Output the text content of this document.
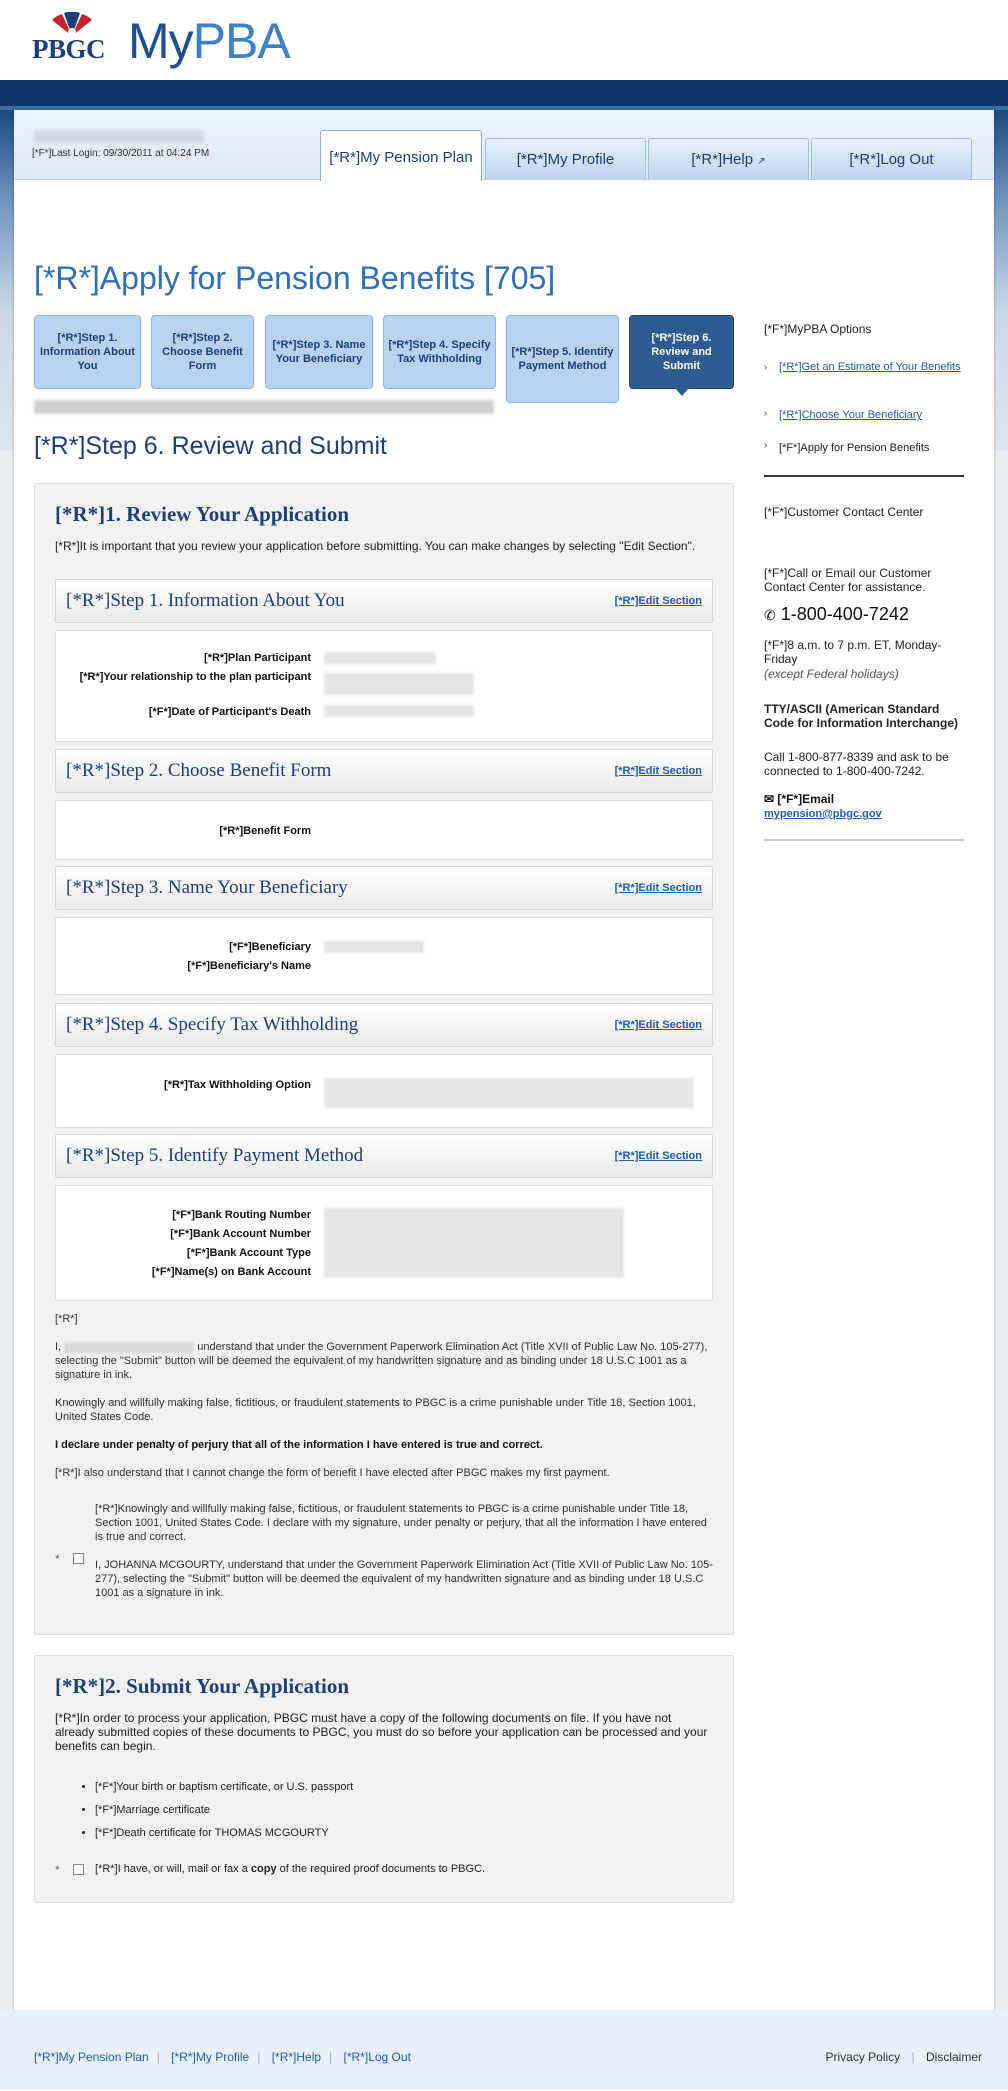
PBGC MyPBA
[*F*]Last Login: 09/30/2011 at 04:24 PM	[*R*]My Pension Plan	[*R*]My Profile	[*R*]Help ↗	[*R*]Log Out
[*R*]Apply for Pension Benefits [705]
[*R*]Step 1. Information About You
[*R*]Step 2. Choose Benefit Form
[*R*]Step 3. Name Your Beneficiary
[*R*]Step 4. Specify Tax Withholding
[*R*]Step 5. Identify Payment Method
[*R*]Step 6. Review and Submit
[*R*]Step 6. Review and Submit
[*R*]1. Review Your Application
[*R*]It is important that you review your application before submitting. You can make changes by selecting "Edit Section".
[*R*]Step 1. Information About You	[*R*]Edit Section
[*R*]Plan Participant
[*R*]Your relationship to the plan participant
[*F*]Date of Participant's Death
[*R*]Step 2. Choose Benefit Form	[*R*]Edit Section
[*R*]Benefit Form
[*R*]Step 3. Name Your Beneficiary	[*R*]Edit Section
[*F*]Beneficiary
[*F*]Beneficiary's Name
[*R*]Step 4. Specify Tax Withholding	[*R*]Edit Section
[*R*]Tax Withholding Option
[*R*]Step 5. Identify Payment Method	[*R*]Edit Section
[*F*]Bank Routing Number
[*F*]Bank Account Number
[*F*]Bank Account Type
[*F*]Name(s) on Bank Account
[*R*]
I,	understand that under the Government Paperwork Elimination Act (Title XVII of Public Law No. 105-277), selecting the "Submit" button will be deemed the equivalent of my handwritten signature and as binding under 18 U.S.C 1001 as a signature in ink.
Knowingly and willfully making false, fictitious, or fraudulent statements to PBGC is a crime punishable under Title 18, Section 1001, United States Code.
I declare under penalty of perjury that all of the information I have entered is true and correct.
[*R*]I also understand that I cannot change the form of benefit I have elected after PBGC makes my first payment.
*
[*R*]Knowingly and willfully making false, fictitious, or fraudulent statements to PBGC is a crime punishable under Title 18, Section 1001, United States Code. I declare with my signature, under penalty or perjury, that all the information I have entered is true and correct.
I, JOHANNA MCGOURTY, understand that under the Government Paperwork Elimination Act (Title XVII of Public Law No. 105-277), selecting the "Submit" button will be deemed the equivalent of my handwritten signature and as binding under 18 U.S.C 1001 as a signature in ink.
[*R*]2. Submit Your Application
[*R*]In order to process your application, PBGC must have a copy of the following documents on file. If you have not already submitted copies of these documents to PBGC, you must do so before your application can be processed and your benefits can begin.
• [*F*]Your birth or baptism certificate, or U.S. passport
• [*F*]Marriage certificate
• [*F*]Death certificate for THOMAS MCGOURTY
*	[*R*]I have, or will, mail or fax a copy of the required proof documents to PBGC.
[*F*]MyPBA Options
› [*R*]Get an Estimate of Your Benefits
› [*R*]Choose Your Beneficiary
› [*F*]Apply for Pension Benefits
[*F*]Customer Contact Center
[*F*]Call or Email our Customer Contact Center for assistance.
✆ 1-800-400-7242
[*F*]8 a.m. to 7 p.m. ET, Monday-Friday
(except Federal holidays)
TTY/ASCII (American Standard Code for Information Interchange)
Call 1-800-877-8339 and ask to be connected to 1-800-400-7242.
✉ [*F*]Email
mypension@pbgc.gov
[*R*]My Pension Plan | [*R*]My Profile | [*R*]Help | [*R*]Log Out	Privacy Policy | Disclaimer
